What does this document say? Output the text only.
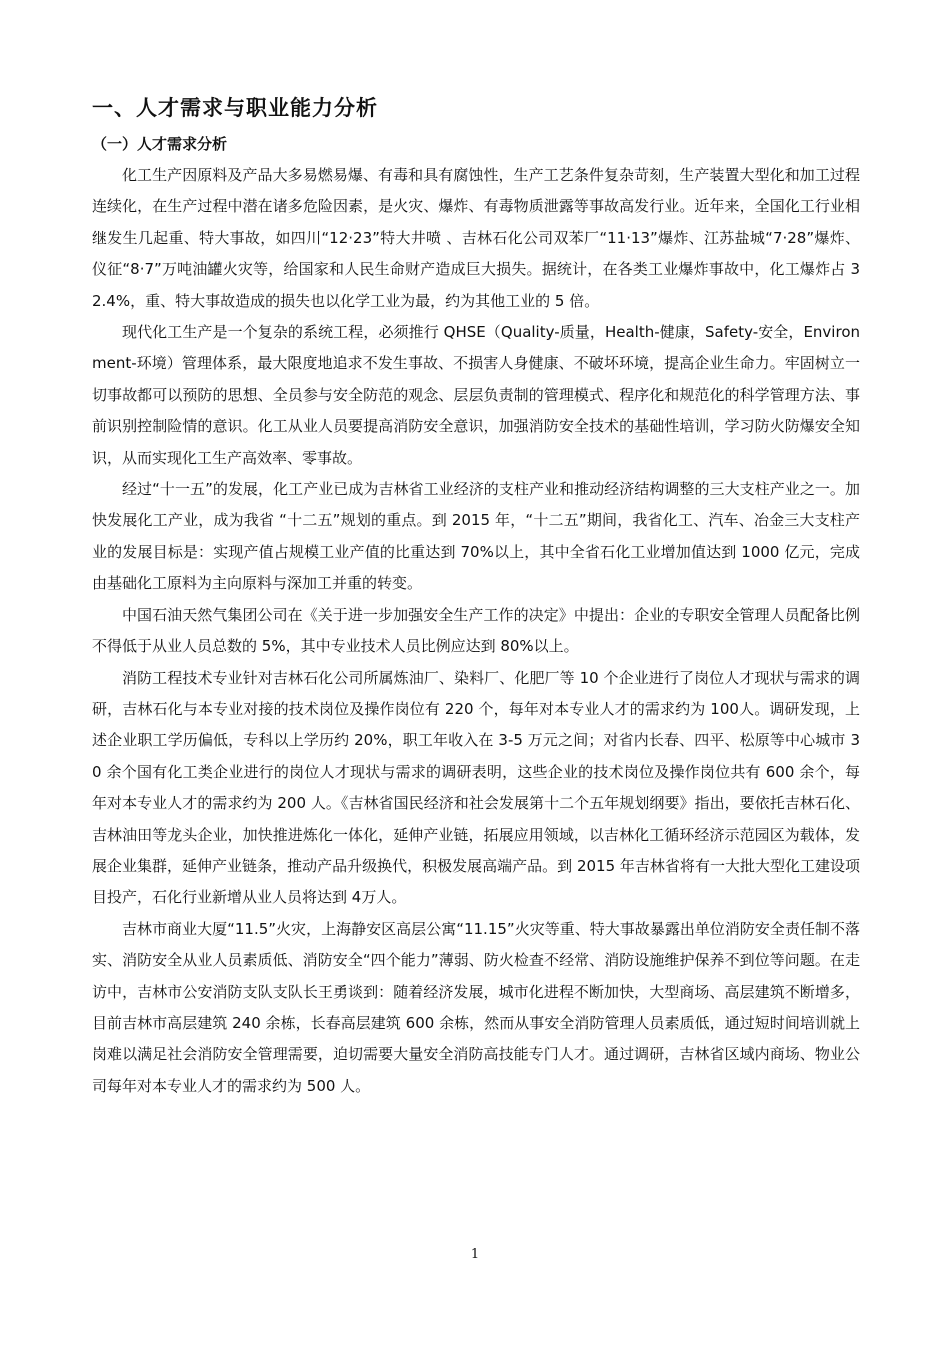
一、人才需求与职业能力分析
（一）人才需求分析

化工生产因原料及产品大多易燃易爆、有毒和具有腐蚀性，生产工艺条件复杂苛刻，生产装置大型化和加工过程连续化，在生产过程中潜在诸多危险因素，是火灾、爆炸、有毒物质泄露等事故高发行业。近年来，全国化工行业相继发生几起重、特大事故，如四川“12·23”特大井喷 、吉林石化公司双苯厂“11·13”爆炸、江苏盐城“7·28”爆炸、仪征“8·7”万吨油罐火灾等，给国家和人民生命财产造成巨大损失。据统计，在各类工业爆炸事故中，化工爆炸占 32.4%，重、特大事故造成的损失也以化学工业为最，约为其他工业的 5 倍。

现代化工生产是一个复杂的系统工程，必须推行 QHSE（Quality-质量，Health-健康，Safety-安全，Environment-环境）管理体系，最大限度地追求不发生事故、不损害人身健康、不破坏环境，提高企业生命力。牢固树立一切事故都可以预防的思想、全员参与安全防范的观念、层层负责制的管理模式、程序化和规范化的科学管理方法、事前识别控制险情的意识。化工从业人员要提高消防安全意识，加强消防安全技术的基础性培训，学习防火防爆安全知识，从而实现化工生产高效率、零事故。

经过“十一五”的发展，化工产业已成为吉林省工业经济的支柱产业和推动经济结构调整的三大支柱产业之一。加快发展化工产业，成为我省 “十二五”规划的重点。到 2015 年，“十二五”期间，我省化工、汽车、冶金三大支柱产业的发展目标是：实现产值占规模工业产值的比重达到 70%以上，其中全省石化工业增加值达到 1000 亿元，完成由基础化工原料为主向原料与深加工并重的转变。

中国石油天然气集团公司在《关于进一步加强安全生产工作的决定》中提出：企业的专职安全管理人员配备比例不得低于从业人员总数的 5%，其中专业技术人员比例应达到 80%以上。

消防工程技术专业针对吉林石化公司所属炼油厂、染料厂、化肥厂等 10 个企业进行了岗位人才现状与需求的调研，吉林石化与本专业对接的技术岗位及操作岗位有 220 个，每年对本专业人才的需求约为 100人。调研发现，上述企业职工学历偏低，专科以上学历约 20%，职工年收入在 3-5 万元之间；对省内长春、四平、松原等中心城市 30 余个国有化工类企业进行的岗位人才现状与需求的调研表明，这些企业的技术岗位及操作岗位共有 600 余个，每年对本专业人才的需求约为 200 人。《吉林省国民经济和社会发展第十二个五年规划纲要》指出，要依托吉林石化、吉林油田等龙头企业，加快推进炼化一体化，延伸产业链，拓展应用领域，以吉林化工循环经济示范园区为载体，发展企业集群，延伸产业链条，推动产品升级换代，积极发展高端产品。到 2015 年吉林省将有一大批大型化工建设项目投产，石化行业新增从业人员将达到 4万人。

吉林市商业大厦“11.5”火灾，上海静安区高层公寓“11.15”火灾等重、特大事故暴露出单位消防安全责任制不落实、消防安全从业人员素质低、消防安全“四个能力”薄弱、防火检查不经常、消防设施维护保养不到位等问题。在走访中，吉林市公安消防支队支队长王勇谈到：随着经济发展，城市化进程不断加快，大型商场、高层建筑不断增多，目前吉林市高层建筑 240 余栋，长春高层建筑 600 余栋，然而从事安全消防管理人员素质低，通过短时间培训就上岗难以满足社会消防安全管理需要，迫切需要大量安全消防高技能专门人才。通过调研，吉林省区域内商场、物业公司每年对本专业人才的需求约为 500 人。

1
